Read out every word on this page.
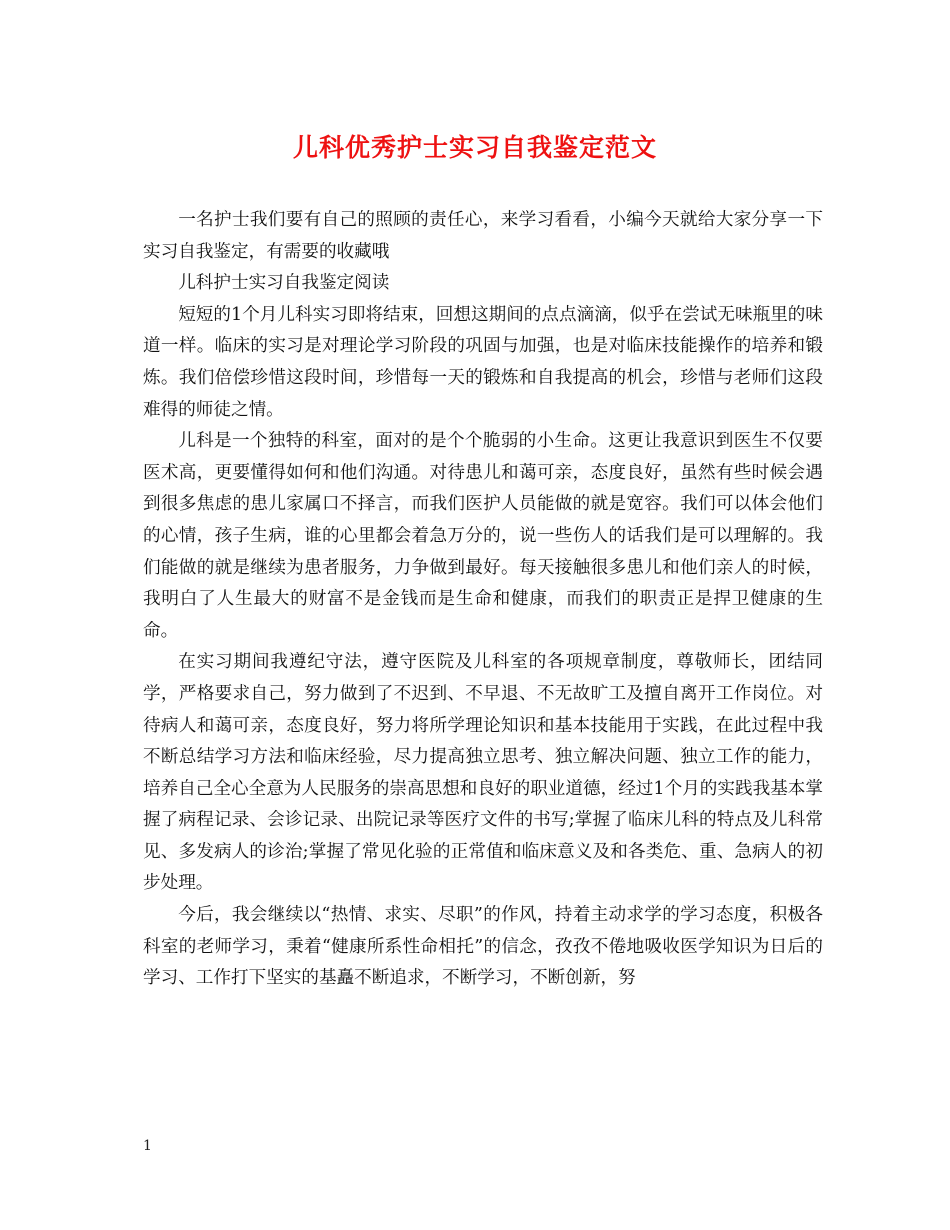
儿科优秀护士实习自我鉴定范文

一名护士我们要有自己的照顾的责任心，来学习看看，小编今天就给大家分享一下实习自我鉴定，有需要的收藏哦

儿科护士实习自我鉴定阅读

短短的1个月儿科实习即将结束，回想这期间的点点滴滴，似乎在尝试无味瓶里的味道一样。临床的实习是对理论学习阶段的巩固与加强，也是对临床技能操作的培养和锻炼。我们倍偿珍惜这段时间，珍惜每一天的锻炼和自我提高的机会，珍惜与老师们这段难得的师徒之情。

儿科是一个独特的科室，面对的是个个脆弱的小生命。这更让我意识到医生不仅要医术高，更要懂得如何和他们沟通。对待患儿和蔼可亲，态度良好，虽然有些时候会遇到很多焦虑的患儿家属口不择言，而我们医护人员能做的就是宽容。我们可以体会他们的心情，孩子生病，谁的心里都会着急万分的，说一些伤人的话我们是可以理解的。我们能做的就是继续为患者服务，力争做到最好。每天接触很多患儿和他们亲人的时候，我明白了人生最大的财富不是金钱而是生命和健康，而我们的职责正是捍卫健康的生命。

在实习期间我遵纪守法，遵守医院及儿科室的各项规章制度，尊敬师长，团结同学，严格要求自己，努力做到了不迟到、不早退、不无故旷工及擅自离开工作岗位。对待病人和蔼可亲，态度良好，努力将所学理论知识和基本技能用于实践，在此过程中我不断总结学习方法和临床经验，尽力提高独立思考、独立解决问题、独立工作的能力，培养自己全心全意为人民服务的崇高思想和良好的职业道德，经过1个月的实践我基本掌握了病程记录、会诊记录、出院记录等医疗文件的书写;掌握了临床儿科的特点及儿科常见、多发病人的诊治;掌握了常见化验的正常值和临床意义及和各类危、重、急病人的初步处理。

今后，我会继续以“热情、求实、尽职”的作风，持着主动求学的学习态度，积极各科室的老师学习，秉着“健康所系性命相托”的信念，孜孜不倦地吸收医学知识为日后的学习、工作打下坚实的基矗不断追求，不断学习，不断创新，努

1
